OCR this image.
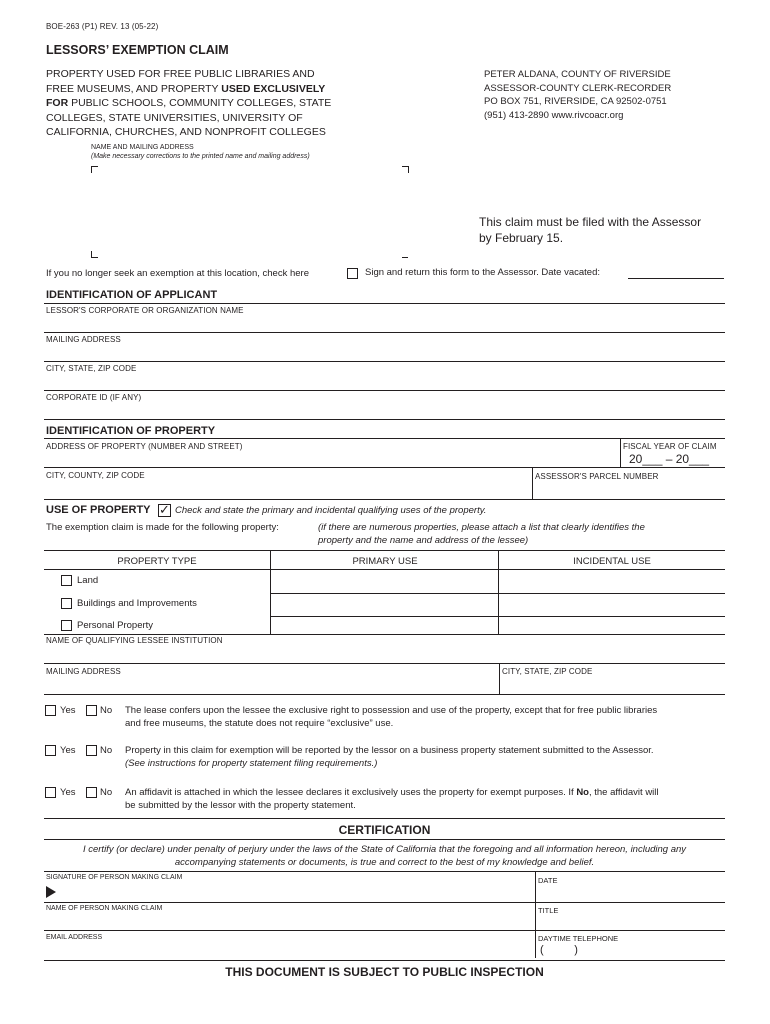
BOE-263 (P1) REV. 13 (05-22)
LESSORS’ EXEMPTION CLAIM
PROPERTY USED FOR FREE PUBLIC LIBRARIES AND
FREE MUSEUMS, AND PROPERTY USED EXCLUSIVELY
FOR PUBLIC SCHOOLS, COMMUNITY COLLEGES, STATE
COLLEGES, STATE UNIVERSITIES, UNIVERSITY OF
CALIFORNIA, CHURCHES, AND NONPROFIT COLLEGES
PETER ALDANA, COUNTY OF RIVERSIDE
ASSESSOR-COUNTY CLERK-RECORDER
PO BOX 751, RIVERSIDE, CA 92502-0751
(951) 413-2890 www.rivcoacr.org
NAME AND MAILING ADDRESS
(Make necessary corrections to the printed name and mailing address)
This claim must be filed with the Assessor
by February 15.
If you no longer seek an exemption at this location, check here	Sign and return this form to the Assessor. Date vacated:
IDENTIFICATION OF APPLICANT
LESSOR'S CORPORATE OR ORGANIZATION NAME
MAILING ADDRESS
CITY, STATE, ZIP CODE
CORPORATE ID (IF ANY)
IDENTIFICATION OF PROPERTY
ADDRESS OF PROPERTY (NUMBER AND STREET)	FISCAL YEAR OF CLAIM
20___ – 20___
CITY, COUNTY, ZIP CODE	ASSESSOR'S PARCEL NUMBER
USE OF PROPERTY ✓ Check and state the primary and incidental qualifying uses of the property.
The exemption claim is made for the following property:	(if there are numerous properties, please attach a list that clearly identifies the
property and the name and address of the lessee)
PROPERTY TYPE	PRIMARY USE	INCIDENTAL USE
Land
Buildings and Improvements
Personal Property
NAME OF QUALIFYING LESSEE INSTITUTION
MAILING ADDRESS	CITY, STATE, ZIP CODE
Yes	No The lease confers upon the lessee the exclusive right to possession and use of the property, except that for free public libraries
and free museums, the statute does not require “exclusive” use.
Yes	No Property in this claim for exemption will be reported by the lessor on a business property statement submitted to the Assessor.
(See instructions for property statement filing requirements.)
Yes	No An affidavit is attached in which the lessee declares it exclusively uses the property for exempt purposes. If No, the affidavit will
be submitted by the lessor with the property statement.
CERTIFICATION
I certify (or declare) under penalty of perjury under the laws of the State of California that the foregoing and all information hereon, including any
accompanying statements or documents, is true and correct to the best of my knowledge and belief.
SIGNATURE OF PERSON MAKING CLAIM	DATE
NAME OF PERSON MAKING CLAIM	TITLE
EMAIL ADDRESS	DAYTIME TELEPHONE
(          )
THIS DOCUMENT IS SUBJECT TO PUBLIC INSPECTION
